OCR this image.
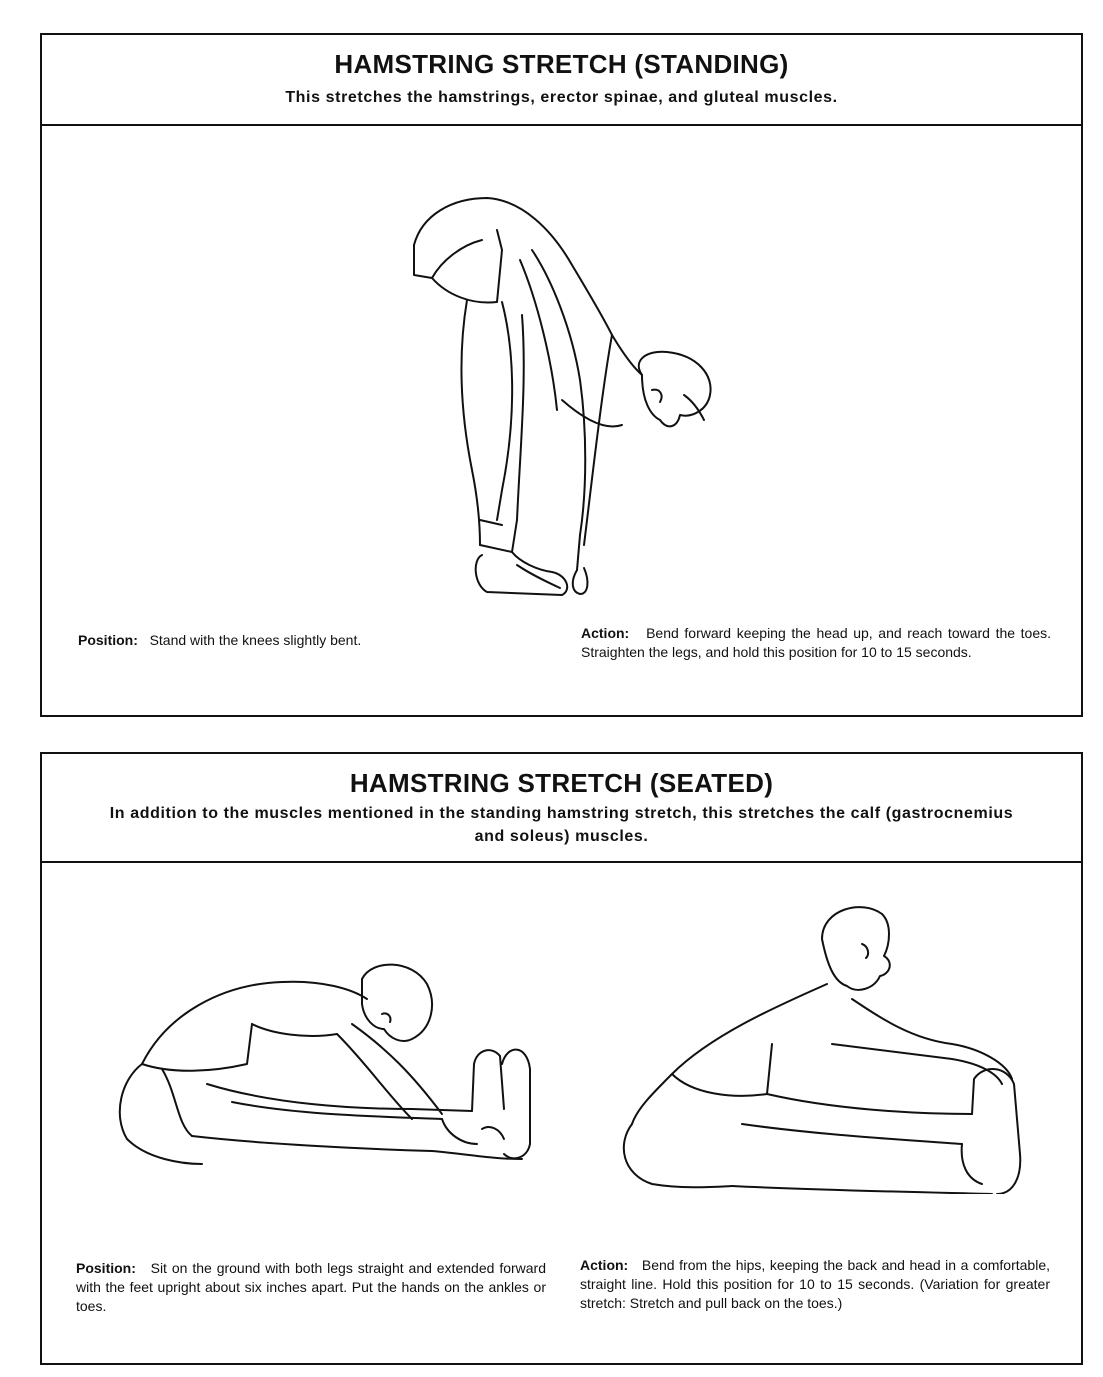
HAMSTRING STRETCH (STANDING)
This stretches the hamstrings, erector spinae, and gluteal muscles.
Position: Stand with the knees slightly bent.	Action: Bend forward keeping the head up, and reach toward the toes. Straighten the legs, and hold this position for 10 to 15 seconds.
HAMSTRING STRETCH (SEATED)
In addition to the muscles mentioned in the standing hamstring stretch, this stretches the calf (gastrocnemius and soleus) muscles.
Position: Sit on the ground with both legs straight and extended forward with the feet upright about six inches apart. Put the hands on the ankles or toes.
Action: Bend from the hips, keeping the back and head in a comfortable, straight line. Hold this position for 10 to 15 seconds. (Variation for greater stretch: Stretch and pull back on the toes.)
